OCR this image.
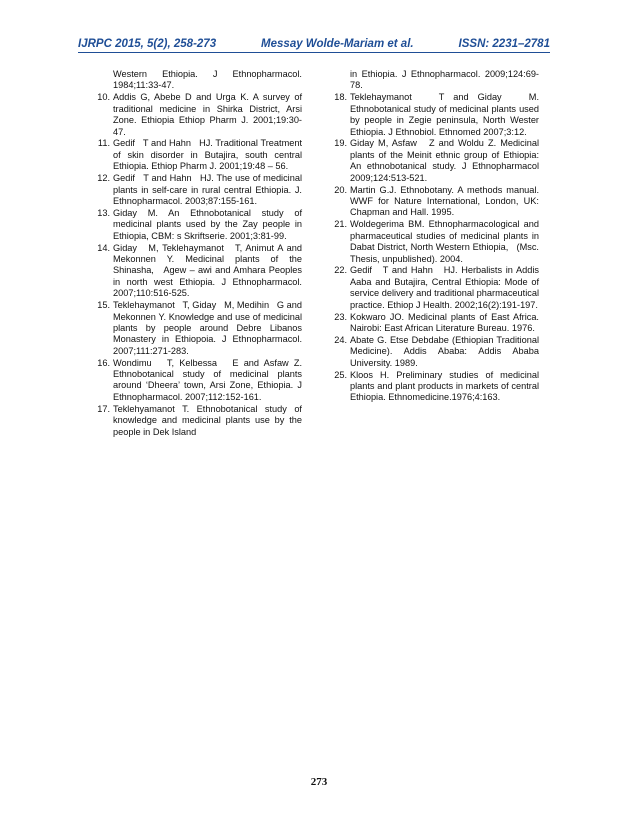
IJRPC 2015, 5(2), 258-273	Messay Wolde-Mariam et al.	ISSN: 2231–2781
Western Ethiopia. J Ethnopharmacol. 1984;11:33-47.
10. Addis G, Abebe D and Urga K. A survey of traditional medicine in Shirka District, Arsi Zone. Ethiopia Ethiop Pharm J. 2001;19:30-47.
11. Gedif   T and Hahn   HJ. Traditional Treatment of skin disorder in Butajira, south central Ethiopia. Ethiop Pharm J. 2001;19:48 – 56.
12. Gedif   T and Hahn   HJ. The use of medicinal plants in self-care in rural central Ethiopia. J. Ethnopharmacol. 2003;87:155-161.
13. Giday M. An Ethnobotanical study of medicinal plants used by the Zay people in Ethiopia, CBM: s Skriftserie. 2001;3:81-99.
14. Giday   M, Teklehaymanot   T, Animut A and Mekonnen Y. Medicinal plants of the Shinasha,   Agew – awi and Amhara Peoples in north west Ethiopia. J Ethnopharmacol. 2007;110:516-525.
15. Teklehaymanot   T, Giday   M, Medihin   G and Mekonnen Y. Knowledge and use of medicinal plants by people around Debre Libanos Monastery in Ethiopoia. J Ethnopharmacol. 2007;111:271-283.
16. Wondimu   T, Kelbessa   E and Asfaw Z. Ethnobotanical study of medicinal plants around ‘Dheera’ town, Arsi Zone, Ethiopia. J Ethnopharmacol. 2007;112:152-161.
17. Teklehyamanot T. Ethnobotanical study of knowledge and medicinal plants use by the people in Dek Island
in Ethiopia. J Ethnopharmacol. 2009;124:69-78.
18. Teklehaymanot   T and Giday   M. Ethnobotanical study of medicinal plants used by people in Zegie peninsula, North Wester Ethiopia. J Ethnobiol. Ethnomed 2007;3:12.
19. Giday M, Asfaw   Z and Woldu Z. Medicinal plants of the Meinit ethnic group of Ethiopia: An ethnobotanical study. J Ethnopharmacol 2009;124:513-521.
20. Martin G.J. Ethnobotany. A methods manual. WWF for Nature International, London, UK: Chapman and Hall. 1995.
21. Woldegerima BM. Ethnopharmacological and pharmaceutical studies of medicinal plants in Dabat District, North Western Ethiopia,   (Msc. Thesis, unpublished). 2004.
22. Gedif   T and Hahn   HJ. Herbalists in Addis Aaba and Butajira, Central Ethiopia: Mode of service delivery and traditional pharmaceutical practice. Ethiop J Health. 2002;16(2):191-197.
23. Kokwaro JO. Medicinal plants of East Africa. Nairobi: East African Literature Bureau. 1976.
24. Abate G. Etse Debdabe (Ethiopian Traditional Medicine). Addis Ababa: Addis Ababa University. 1989.
25. Kloos H. Preliminary studies of medicinal plants and plant products in markets of central Ethiopia. Ethnomedicine.1976;4:163.
273
